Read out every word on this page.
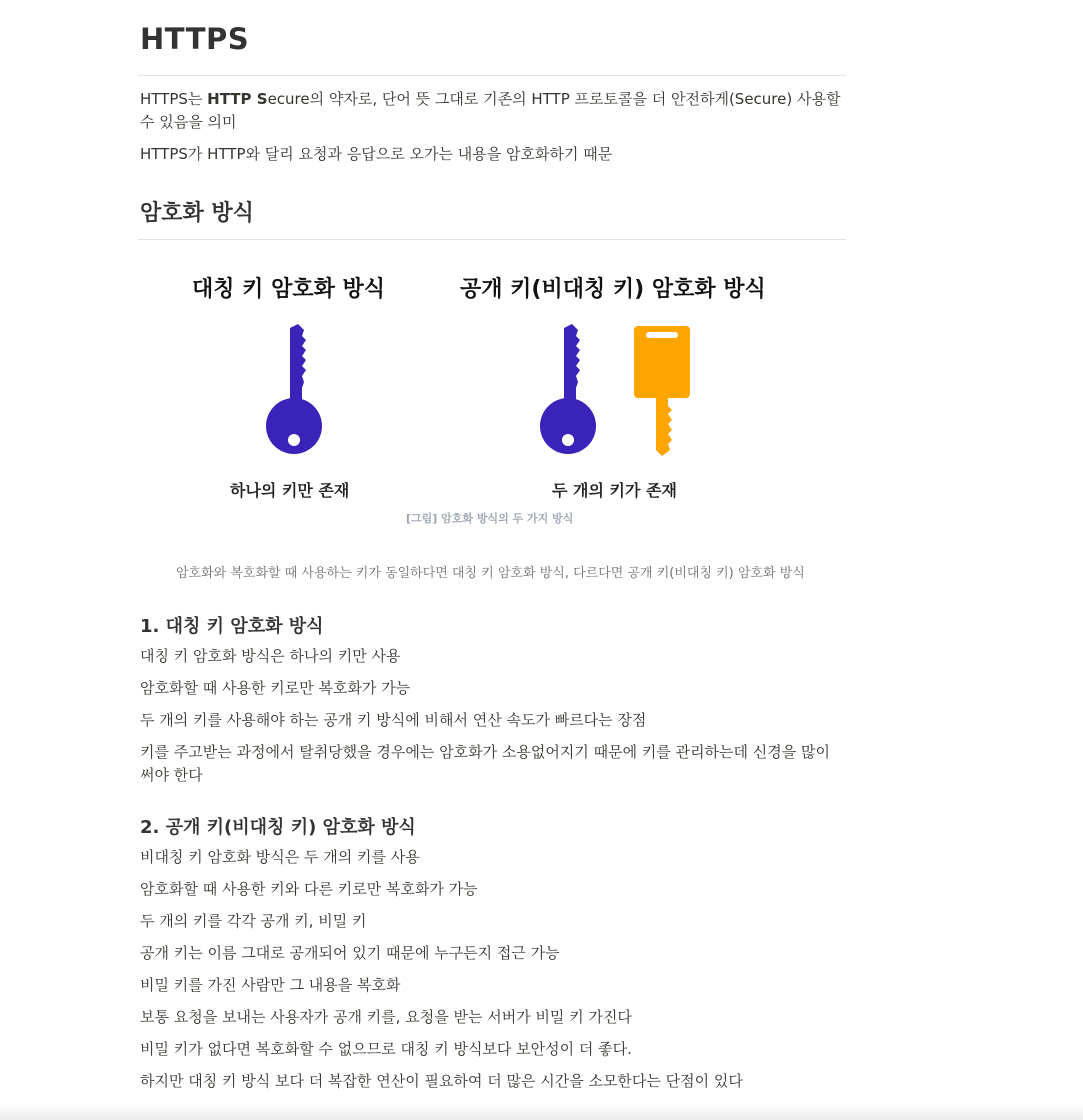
HTTPS
HTTPS는 HTTP Secure의 약자로, 단어 뜻 그대로 기존의 HTTP 프로토콜을 더 안전하게(Secure) 사용할 수 있음을 의미
HTTPS가 HTTP와 달리 요청과 응답으로 오가는 내용을 암호화하기 때문
암호화 방식
대칭 키 암호화 방식	공개 키(비대칭 키) 암호화 방식
하나의 키만 존재	두 개의 키가 존재
[그림] 암호화 방식의 두 가지 방식
암호화와 복호화할 때 사용하는 키가 동일하다면 대칭 키 암호화 방식, 다르다면 공개 키(비대칭 키) 암호화 방식
1. 대칭 키 암호화 방식
대칭 키 암호화 방식은 하나의 키만 사용
암호화할 때 사용한 키로만 복호화가 가능
두 개의 키를 사용해야 하는 공개 키 방식에 비해서 연산 속도가 빠르다는 장점
키를 주고받는 과정에서 탈취당했을 경우에는 암호화가 소용없어지기 때문에 키를 관리하는데 신경을 많이 써야 한다
2. 공개 키(비대칭 키) 암호화 방식
비대칭 키 암호화 방식은 두 개의 키를 사용
암호화할 때 사용한 키와 다른 키로만 복호화가 가능
두 개의 키를 각각 공개 키, 비밀 키
공개 키는 이름 그대로 공개되어 있기 때문에 누구든지 접근 가능
비밀 키를 가진 사람만 그 내용을 복호화
보통 요청을 보내는 사용자가 공개 키를, 요청을 받는 서버가 비밀 키 가진다
비밀 키가 없다면 복호화할 수 없으므로 대칭 키 방식보다 보안성이 더 좋다.
하지만 대칭 키 방식 보다 더 복잡한 연산이 필요하여 더 많은 시간을 소모한다는 단점이 있다
